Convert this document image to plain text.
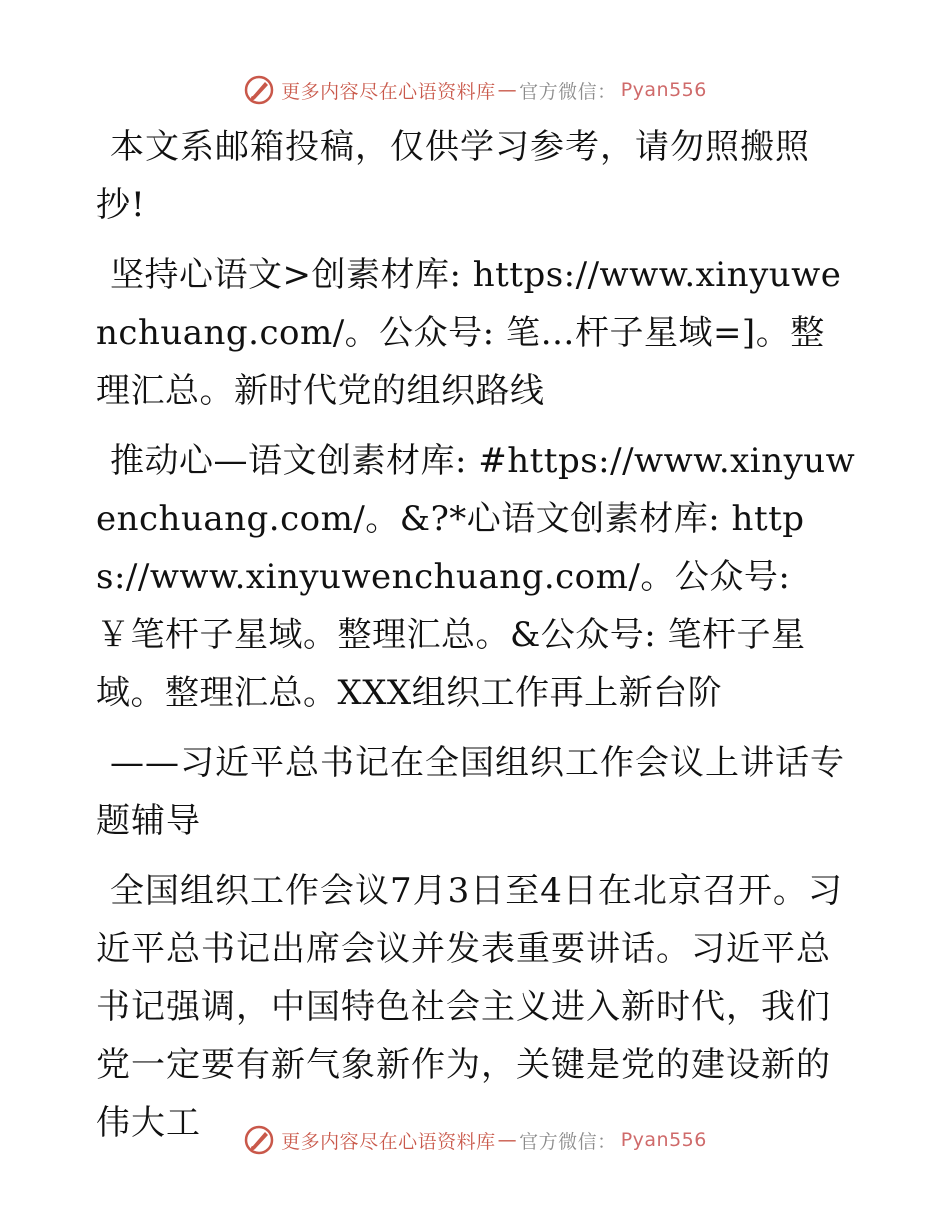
更多内容尽在心语资料库 — 官方微信： Pyan556

本文系邮箱投稿，仅供学习参考，请勿照搬照抄!

坚持心语文>创素材库: https://www.xinyuwenchuang.com/。公众号: 笔…杆子星域=]。整理汇总。新时代党的组织路线

推动心—语文创素材库: #https://www.xinyuwenchuang.com/。&?*心语文创素材库: https://www.xinyuwenchuang.com/。公众号: ￥笔杆子星域。整理汇总。&公众号: 笔杆子星域。整理汇总。XXX组织工作再上新台阶

——习近平总书记在全国组织工作会议上讲话专题辅导

全国组织工作会议7月3日至4日在北京召开。习近平总书记出席会议并发表重要讲话。习近平总书记强调，中国特色社会主义进入新时代，我们党一定要有新气象新作为，关键是党的建设新的伟大工	更多内容尽在心语资料库 — 官方微信： Pyan556
